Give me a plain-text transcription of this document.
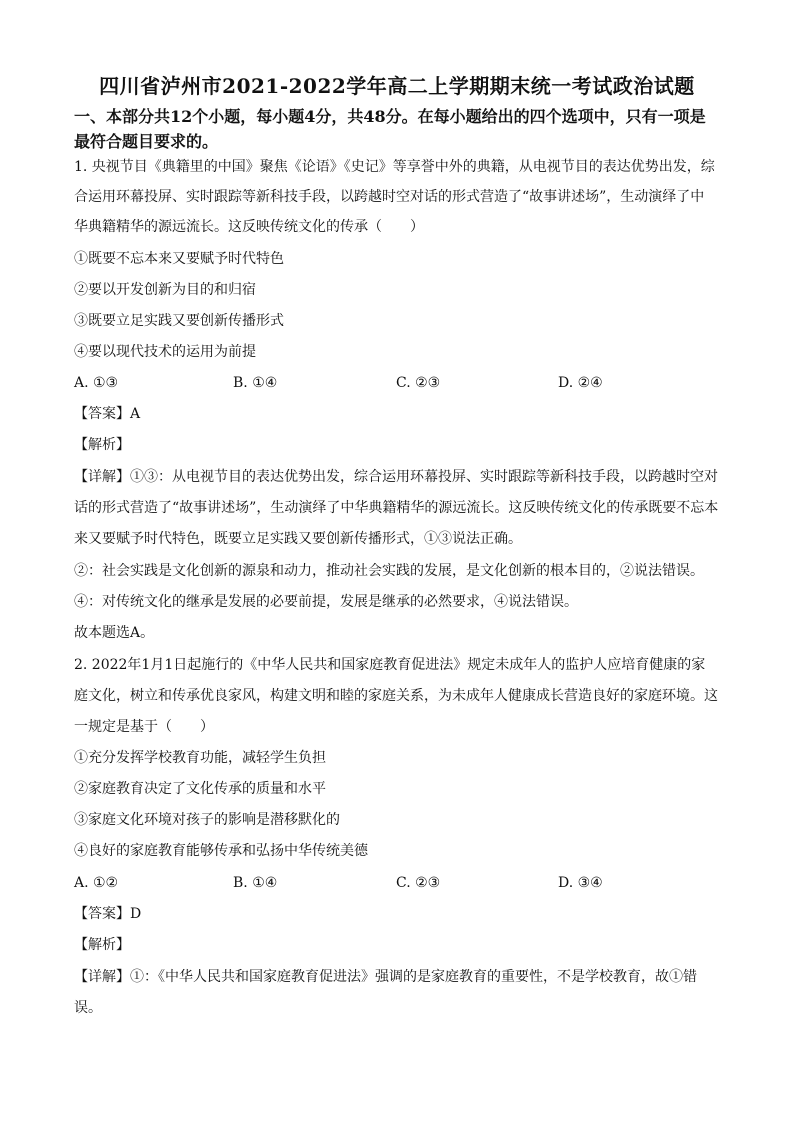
四川省泸州市2021-2022学年高二上学期期末统一考试政治试题
一、本部分共12个小题，每小题4分，共48分。在每小题给出的四个选项中，只有一项是
最符合题目要求的。
1. 央视节目《典籍里的中国》聚焦《论语》《史记》等享誉中外的典籍，从电视节目的表达优势出发，综
合运用环幕投屏、实时跟踪等新科技手段，以跨越时空对话的形式营造了“故事讲述场”，生动演绎了中
华典籍精华的源远流长。这反映传统文化的传承（　　）
①既要不忘本来又要赋予时代特色
②要以开发创新为目的和归宿
③既要立足实践又要创新传播形式
④要以现代技术的运用为前提
A. ①③	B. ①④	C. ②③	D. ②④
【答案】A
【解析】
【详解】①③：从电视节目的表达优势出发，综合运用环幕投屏、实时跟踪等新科技手段，以跨越时空对
话的形式营造了“故事讲述场”，生动演绎了中华典籍精华的源远流长。这反映传统文化的传承既要不忘本
来又要赋予时代特色，既要立足实践又要创新传播形式，①③说法正确。
②：社会实践是文化创新的源泉和动力，推动社会实践的发展，是文化创新的根本目的，②说法错误。
④：对传统文化的继承是发展的必要前提，发展是继承的必然要求，④说法错误。
故本题选A。
2. 2022年1月1日起施行的《中华人民共和国家庭教育促进法》规定未成年人的监护人应培育健康的家
庭文化，树立和传承优良家风，构建文明和睦的家庭关系，为未成年人健康成长营造良好的家庭环境。这
一规定是基于（　　）
①充分发挥学校教育功能，减轻学生负担
②家庭教育决定了文化传承的质量和水平
③家庭文化环境对孩子的影响是潜移默化的
④良好的家庭教育能够传承和弘扬中华传统美德
A. ①②	B. ①④	C. ②③	D. ③④
【答案】D
【解析】
【详解】①：《中华人民共和国家庭教育促进法》强调的是家庭教育的重要性，不是学校教育，故①错
误。
